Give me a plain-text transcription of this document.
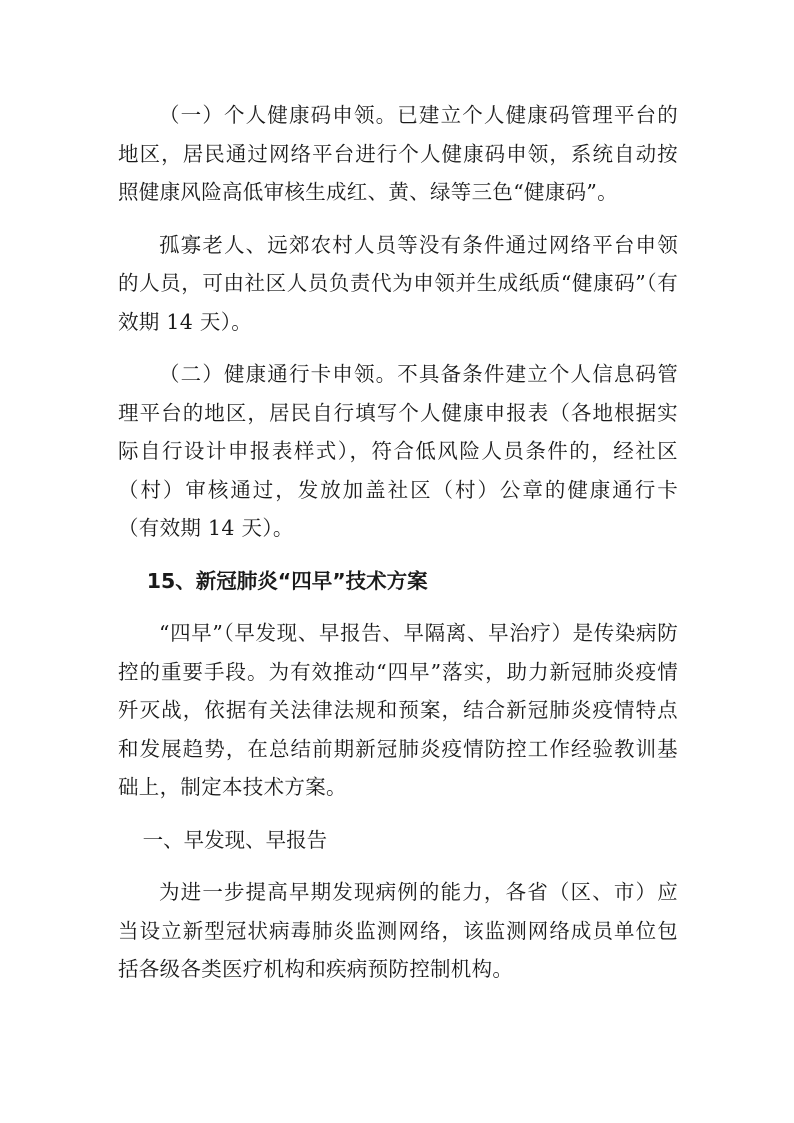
（一）个人健康码申领。已建立个人健康码管理平台的地区，居民通过网络平台进行个人健康码申领，系统自动按照健康风险高低审核生成红、黄、绿等三色“健康码”。

孤寡老人、远郊农村人员等没有条件通过网络平台申领的人员，可由社区人员负责代为申领并生成纸质“健康码”（有效期 14 天）。

（二）健康通行卡申领。不具备条件建立个人信息码管理平台的地区，居民自行填写个人健康申报表（各地根据实际自行设计申报表样式），符合低风险人员条件的，经社区（村）审核通过，发放加盖社区（村）公章的健康通行卡（有效期 14 天）。

15、新冠肺炎“四早”技术方案

“四早”（早发现、早报告、早隔离、早治疗）是传染病防控的重要手段。为有效推动“四早”落实，助力新冠肺炎疫情歼灭战，依据有关法律法规和预案，结合新冠肺炎疫情特点和发展趋势，在总结前期新冠肺炎疫情防控工作经验教训基础上，制定本技术方案。

一、早发现、早报告

为进一步提高早期发现病例的能力，各省（区、市）应当设立新型冠状病毒肺炎监测网络，该监测网络成员单位包括各级各类医疗机构和疾病预防控制机构。
